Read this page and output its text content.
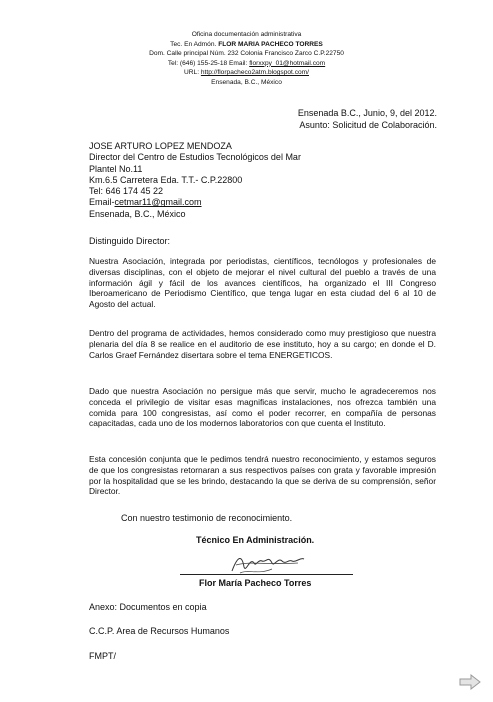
Oficina documentación administrativa
Tec. En Admón. FLOR MARIA PACHECO TORRES
Dom. Calle principal Núm. 232 Colonia Francisco Zarco C.P.22750
Tel: (646) 155-25-18 Email: florxxpy_01@hotmail.com
URL: http://florpacheco2atm.blogspot.com/
Ensenada, B.C., México
Ensenada B.C., Junio, 9, del 2012.
Asunto: Solicitud de Colaboración.
JOSE ARTURO LOPEZ MENDOZA
Director del Centro de Estudios Tecnológicos del Mar
Plantel No.11
Km.6.5 Carretera Eda. T.T.- C.P.22800
Tel: 646 174 45 22
Email-cetmar11@gmail.com
Ensenada, B.C., México
Distinguido Director:
Nuestra Asociación, integrada por periodistas, científicos, tecnólogos y profesionales de diversas disciplinas, con el objeto de mejorar el nivel cultural del pueblo a través de una información ágil y fácil de los avances científicos, ha organizado el III Congreso Iberoamericano de Periodismo Científico, que tenga lugar en esta ciudad del 6 al 10 de Agosto del actual.
Dentro del programa de actividades, hemos considerado como muy prestigioso que nuestra plenaria del día 8 se realice en el auditorio de ese instituto, hoy a su cargo; en donde el D. Carlos Graef Fernández disertara sobre el tema ENERGETICOS.
Dado que nuestra Asociación no persigue más que servir, mucho le agradeceremos nos conceda el privilegio de visitar esas magnificas instalaciones, nos ofrezca también una comida para 100 congresistas, así como el poder recorrer, en compañía de personas capacitadas, cada uno de los modernos laboratorios con que cuenta el Instituto.
Esta concesión conjunta que le pedimos tendrá nuestro reconocimiento, y estamos seguros de que los congresistas retornaran a sus respectivos países con grata y favorable impresión por la hospitalidad que se les brindo, destacando la que se deriva de su comprensión, señor Director.
Con nuestro testimonio de reconocimiento.
Técnico En Administración.
Flor María Pacheco Torres
Anexo: Documentos en copia
C.C.P. Area de Recursos Humanos
FMPT/
